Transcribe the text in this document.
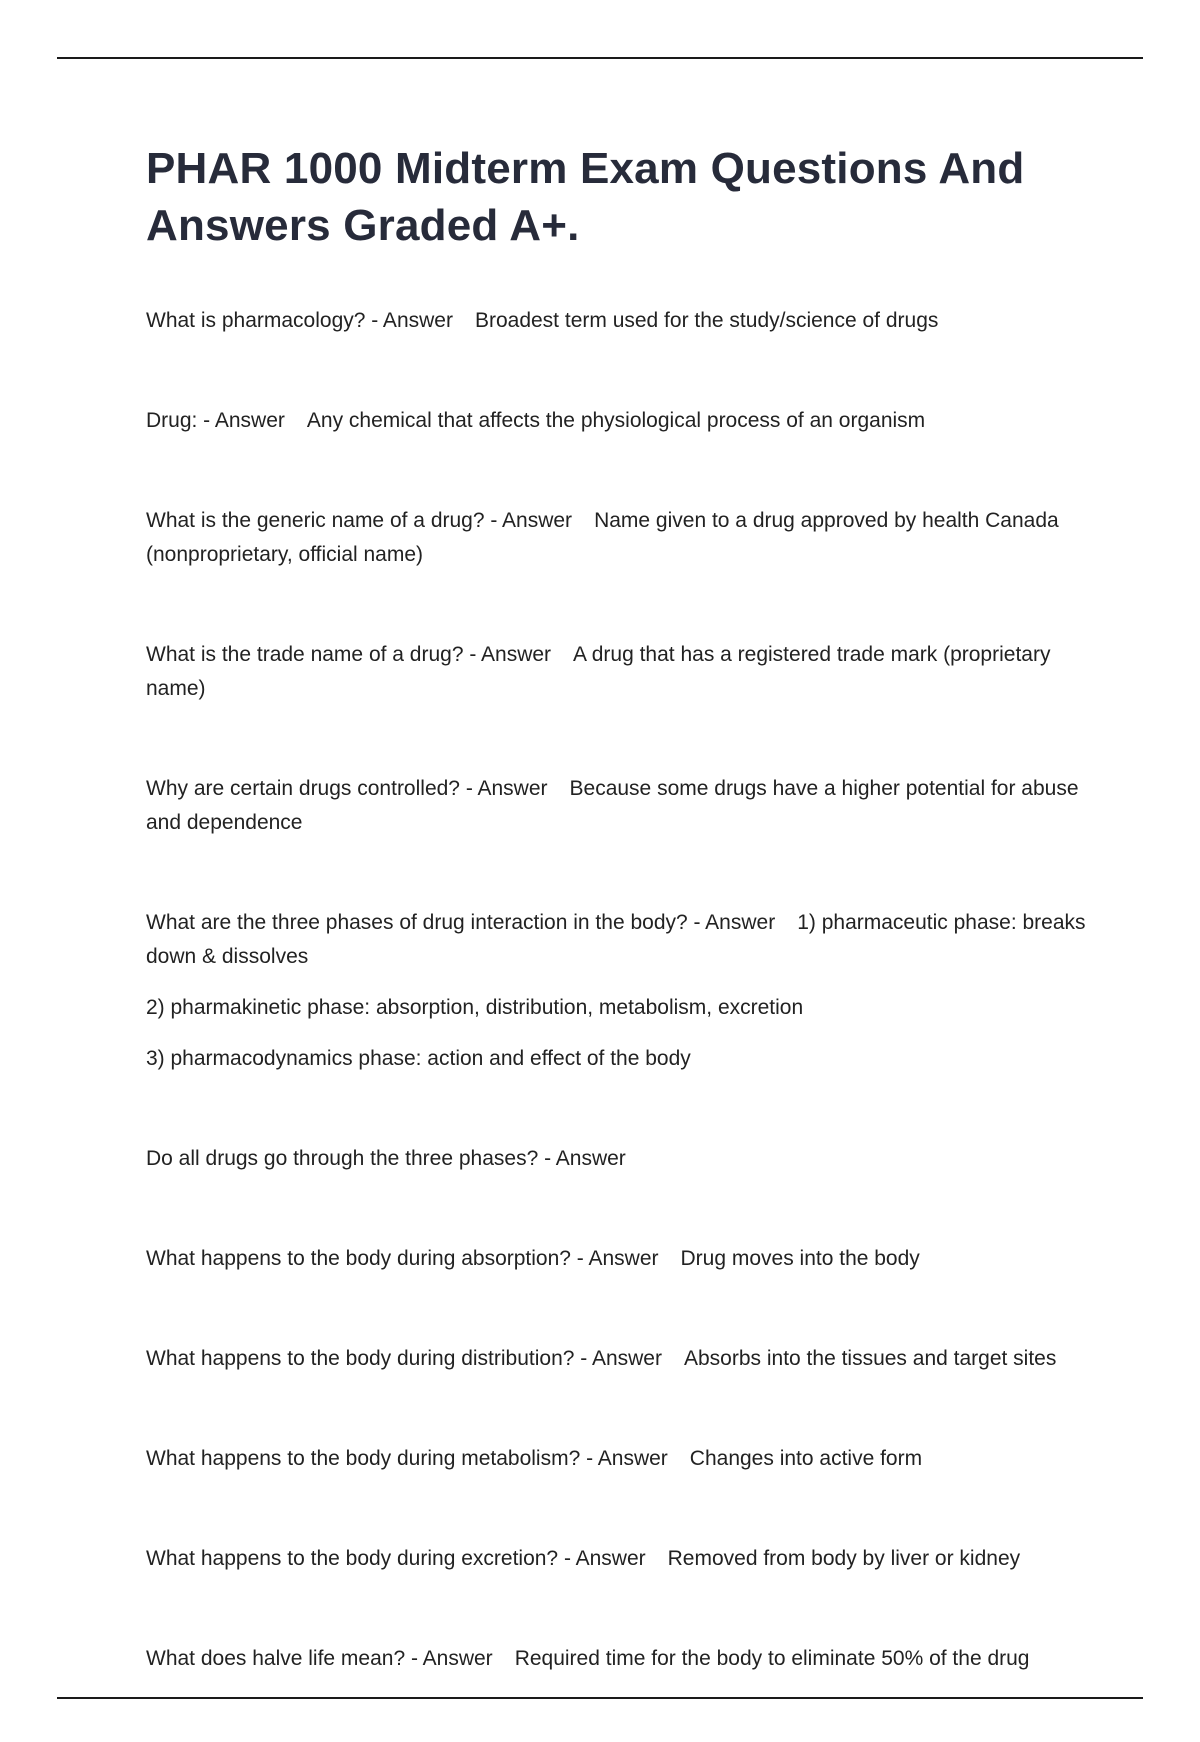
PHAR 1000 Midterm Exam Questions And Answers Graded A+.
What is pharmacology? - Answer Broadest term used for the study/science of drugs
Drug: - Answer Any chemical that affects the physiological process of an organism
What is the generic name of a drug? - Answer Name given to a drug approved by health Canada (nonproprietary, official name)
What is the trade name of a drug? - Answer A drug that has a registered trade mark (proprietary name)
Why are certain drugs controlled? - Answer Because some drugs have a higher potential for abuse and dependence
What are the three phases of drug interaction in the body? - Answer 1) pharmaceutic phase: breaks down & dissolves
2) pharmakinetic phase: absorption, distribution, metabolism, excretion
3) pharmacodynamics phase: action and effect of the body
Do all drugs go through the three phases? - Answer
What happens to the body during absorption? - Answer Drug moves into the body
What happens to the body during distribution? - Answer Absorbs into the tissues and target sites
What happens to the body during metabolism? - Answer Changes into active form
What happens to the body during excretion? - Answer Removed from body by liver or kidney
What does halve life mean? - Answer Required time for the body to eliminate 50% of the drug
